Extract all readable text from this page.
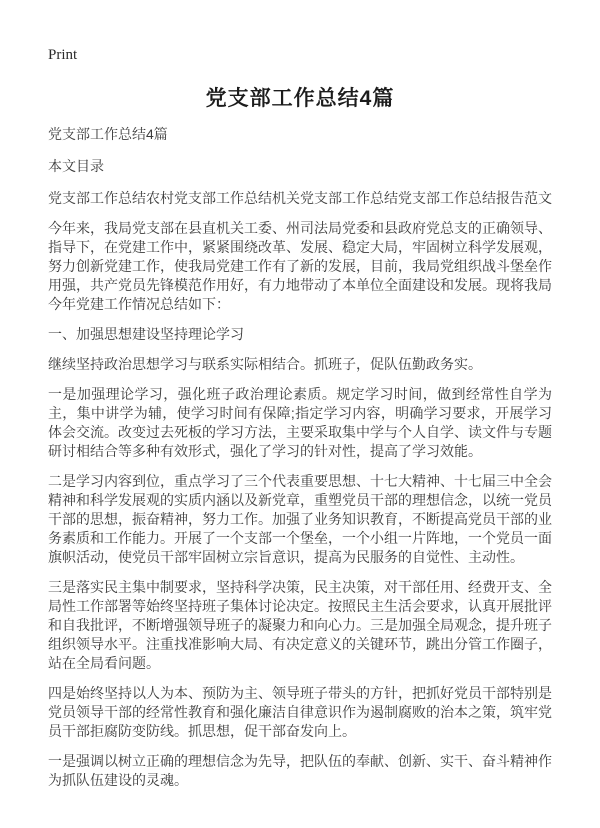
Print
党支部工作总结4篇

党支部工作总结4篇

本文目录

党支部工作总结农村党支部工作总结机关党支部工作总结党支部工作总结报告范文

今年来，我局党支部在县直机关工委、州司法局党委和县政府党总支的正确领导、指导下，在党建工作中，紧紧围绕改革、发展、稳定大局，牢固树立科学发展观，努力创新党建工作，使我局党建工作有了新的发展，目前，我局党组织战斗堡垒作用强，共产党员先锋模范作用好，有力地带动了本单位全面建设和发展。现将我局今年党建工作情况总结如下：

一、加强思想建设坚持理论学习

继续坚持政治思想学习与联系实际相结合。抓班子，促队伍勤政务实。

一是加强理论学习，强化班子政治理论素质。规定学习时间，做到经常性自学为主，集中讲学为辅，使学习时间有保障;指定学习内容，明确学习要求，开展学习体会交流。改变过去死板的学习方法，主要采取集中学与个人自学、读文件与专题研讨相结合等多种有效形式，强化了学习的针对性，提高了学习效能。

二是学习内容到位，重点学习了三个代表重要思想、十七大精神、十七届三中全会精神和科学发展观的实质内涵以及新党章，重塑党员干部的理想信念，以统一党员干部的思想，振奋精神，努力工作。加强了业务知识教育，不断提高党员干部的业务素质和工作能力。开展了一个支部一个堡垒，一个小组一片阵地，一个党员一面旗帜活动，使党员干部牢固树立宗旨意识，提高为民服务的自觉性、主动性。

三是落实民主集中制要求，坚持科学决策，民主决策，对干部任用、经费开支、全局性工作部署等始终坚持班子集体讨论决定。按照民主生活会要求，认真开展批评和自我批评，不断增强领导班子的凝聚力和向心力。三是加强全局观念，提升班子组织领导水平。注重找准影响大局、有决定意义的关键环节，跳出分管工作圈子，站在全局看问题。

四是始终坚持以人为本、预防为主、领导班子带头的方针，把抓好党员干部特别是党员领导干部的经常性教育和强化廉洁自律意识作为遏制腐败的治本之策，筑牢党员干部拒腐防变防线。抓思想，促干部奋发向上。

一是强调以树立正确的理想信念为先导，把队伍的奉献、创新、实干、奋斗精神作为抓队伍建设的灵魂。
